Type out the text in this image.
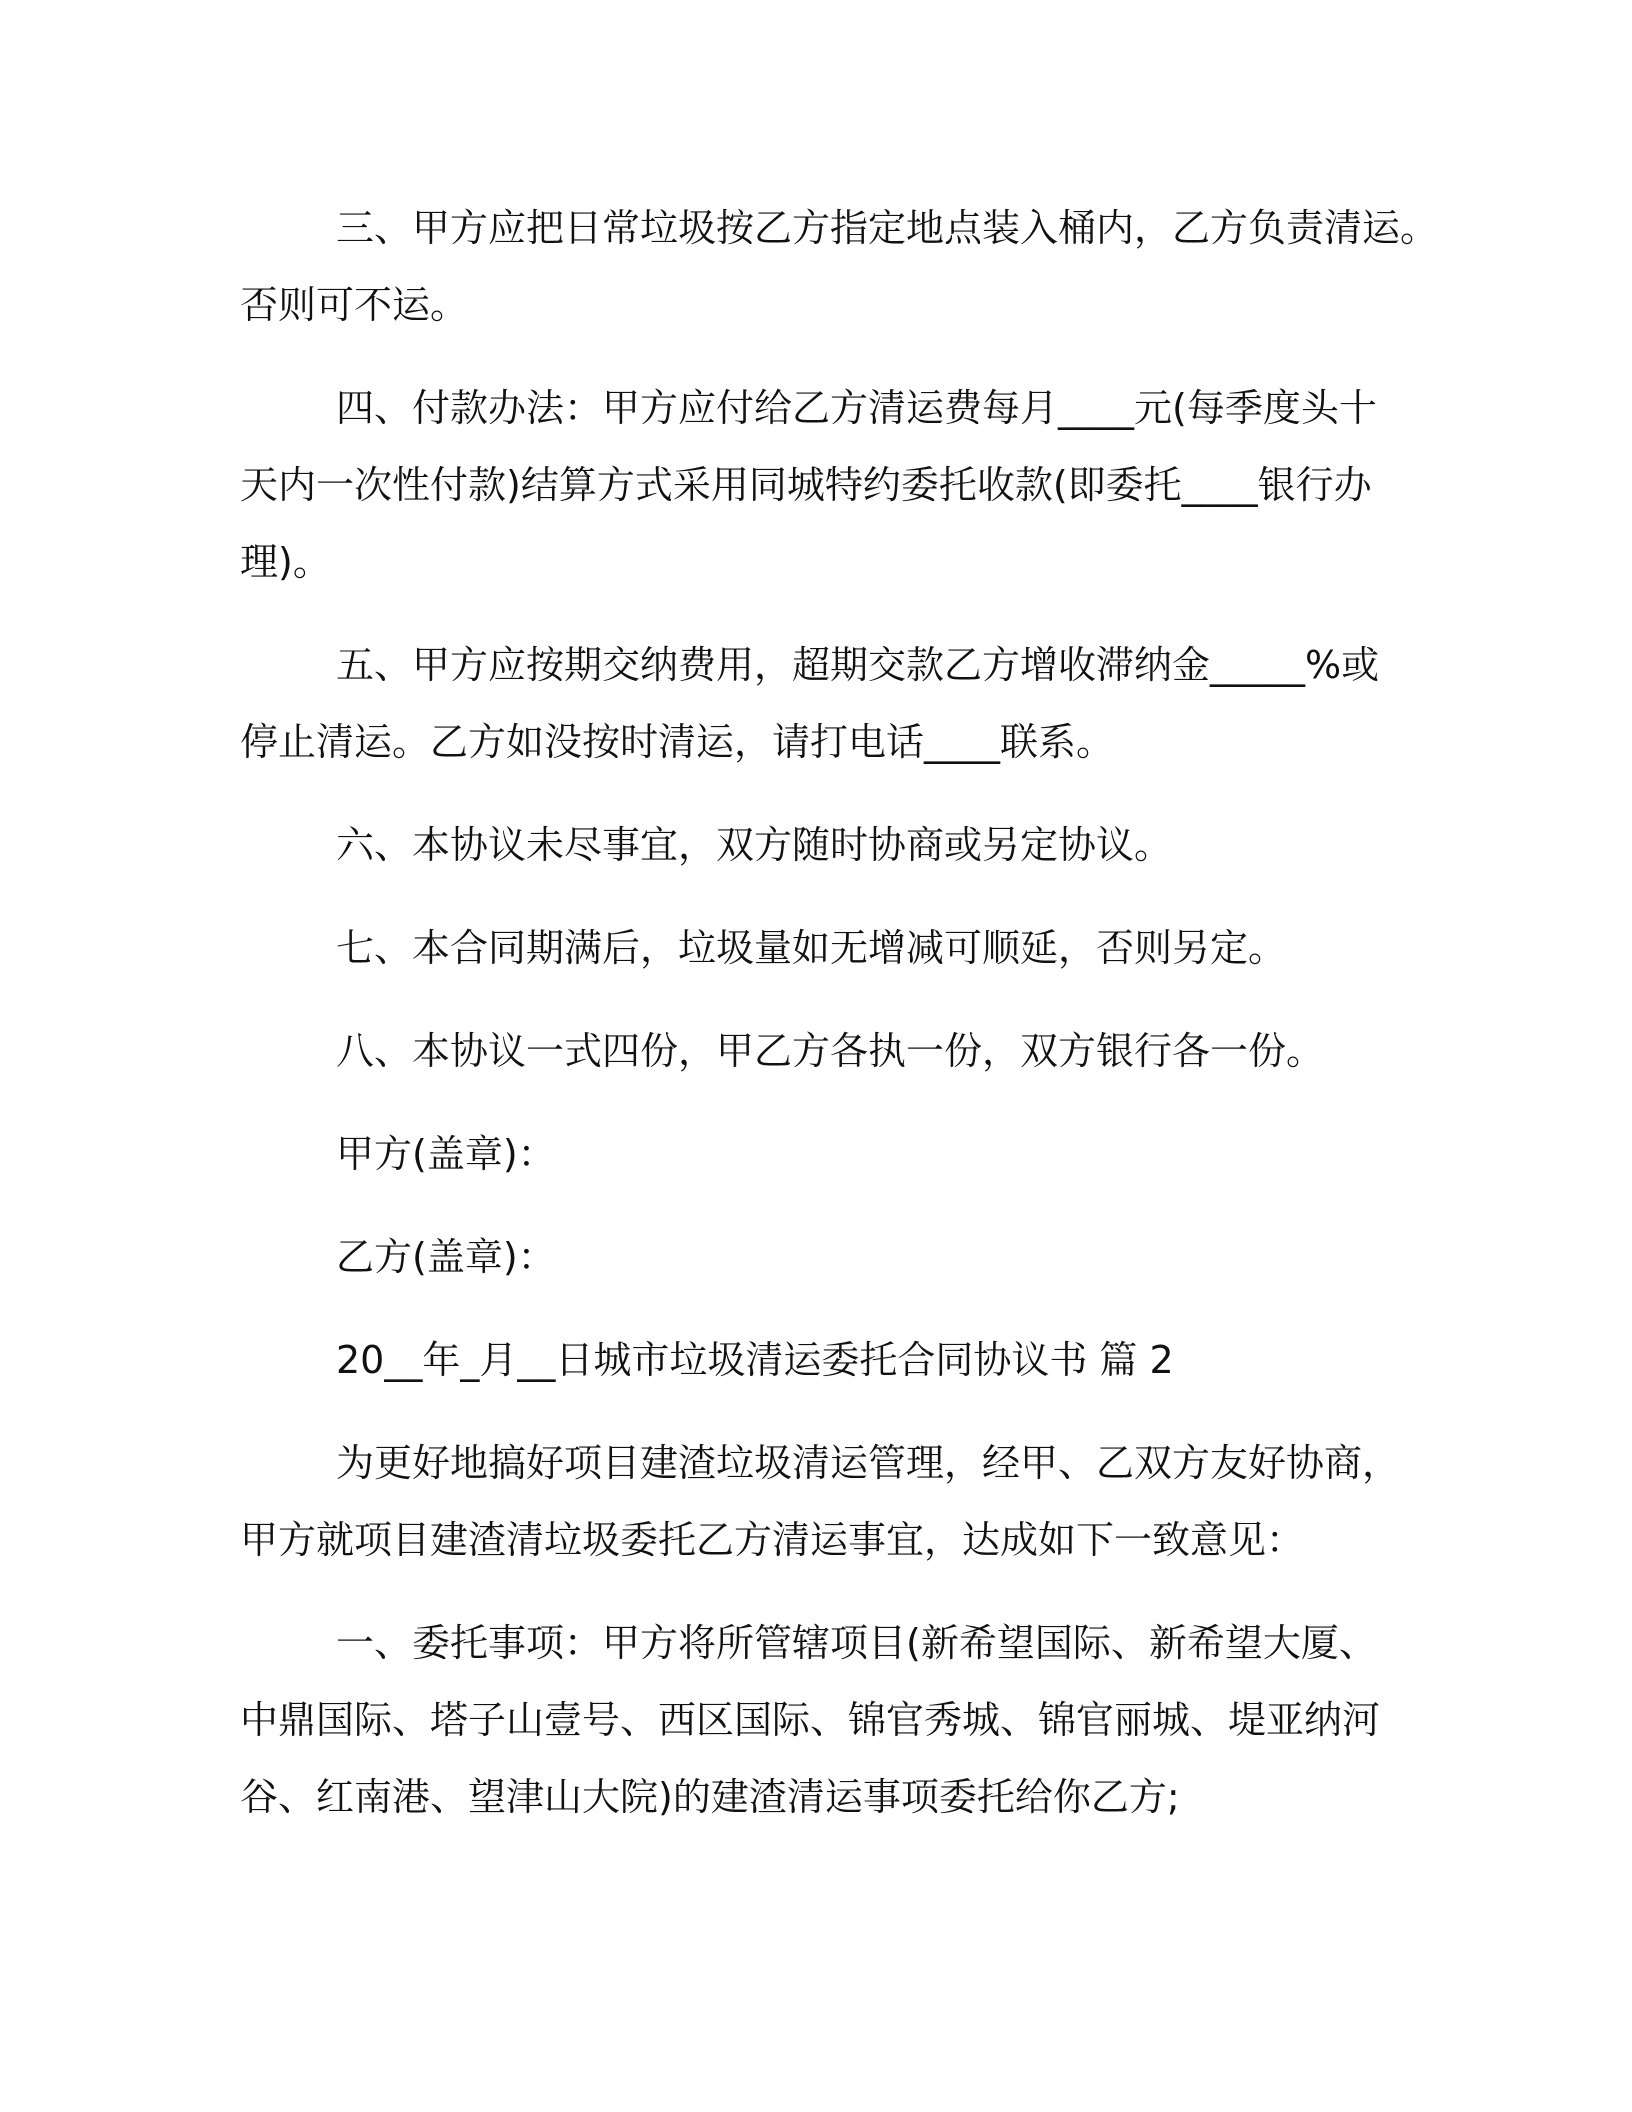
三、甲方应把日常垃圾按乙方指定地点装入桶内，乙方负责清运。
否则可不运。

四、付款办法：甲方应付给乙方清运费每月____元(每季度头十
天内一次性付款)结算方式采用同城特约委托收款(即委托____银行办
理)。

五、甲方应按期交纳费用，超期交款乙方增收滞纳金_____%或
停止清运。乙方如没按时清运，请打电话____联系。

六、本协议未尽事宜，双方随时协商或另定协议。

七、本合同期满后，垃圾量如无增减可顺延，否则另定。

八、本协议一式四份，甲乙方各执一份，双方银行各一份。

甲方(盖章)：

乙方(盖章)：

20__年_月__日城市垃圾清运委托合同协议书 篇 2

为更好地搞好项目建渣垃圾清运管理，经甲、乙双方友好协商，
甲方就项目建渣清垃圾委托乙方清运事宜，达成如下一致意见：

一、委托事项：甲方将所管辖项目(新希望国际、新希望大厦、
中鼎国际、塔子山壹号、西区国际、锦官秀城、锦官丽城、堤亚纳河
谷、红南港、望津山大院)的建渣清运事项委托给你乙方;
